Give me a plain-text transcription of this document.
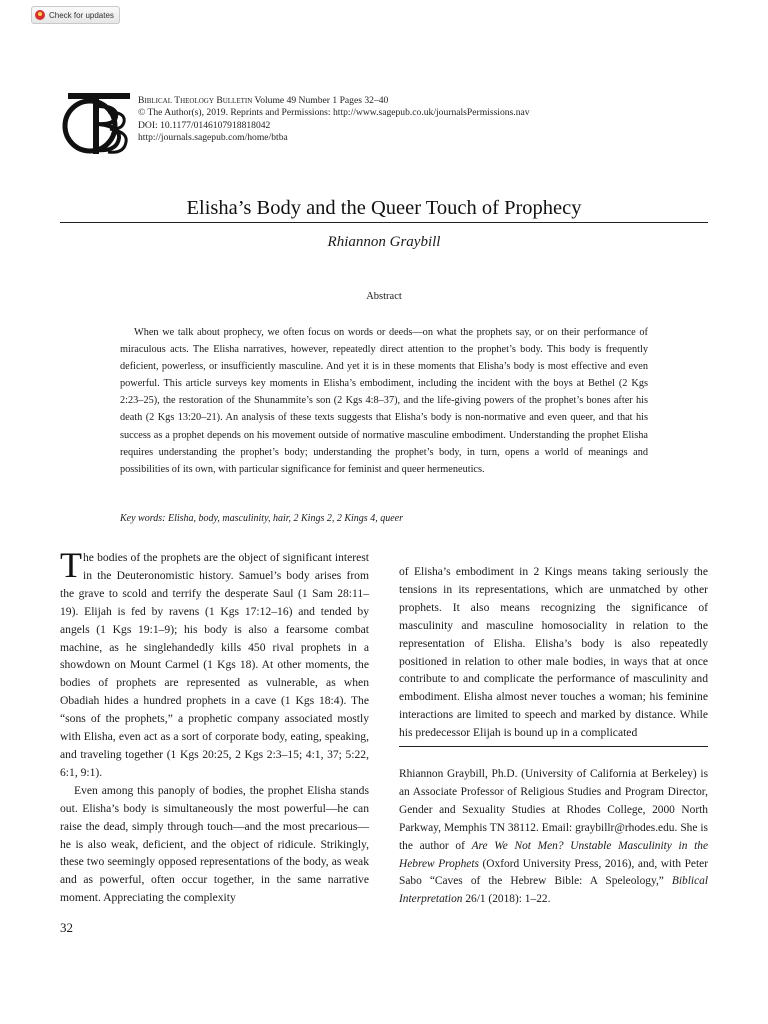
Check for updates
Biblical Theology Bulletin Volume 49 Number 1 Pages 32–40
© The Author(s), 2019. Reprints and Permissions: http://www.sagepub.co.uk/journalsPermissions.nav
DOI: 10.1177/0146107918818042
http://journals.sagepub.com/home/btba
Elisha’s Body and the Queer Touch of Prophecy
Rhiannon Graybill
Abstract

When we talk about prophecy, we often focus on words or deeds—on what the prophets say, or on their performance of miraculous acts. The Elisha narratives, however, repeatedly direct attention to the prophet’s body. This body is frequently deficient, powerless, or insufficiently masculine. And yet it is in these moments that Elisha’s body is most effective and even powerful. This article surveys key moments in Elisha’s embodiment, including the incident with the boys at Bethel (2 Kgs 2:23–25), the restoration of the Shunammite’s son (2 Kgs 4:8–37), and the life-giving powers of the prophet’s bones after his death (2 Kgs 13:20–21). An analysis of these texts suggests that Elisha’s body is non-normative and even queer, and that his success as a prophet depends on his movement outside of normative masculine embodiment. Understanding the prophet Elisha requires understanding the prophet’s body; understanding the prophet’s body, in turn, opens a world of meanings and possibilities of its own, with particular significance for feminist and queer hermeneutics.

Key words: Elisha, body, masculinity, hair, 2 Kings 2, 2 Kings 4, queer

The bodies of the prophets are the object of significant interest in the Deuteronomistic history. Samuel’s body arises from the grave to scold and terrify the desperate Saul (1 Sam 28:11–19). Elijah is fed by ravens (1 Kgs 17:12–16) and tended by angels (1 Kgs 19:1–9); his body is also a fearsome combat machine, as he singlehandedly kills 450 rival prophets in a showdown on Mount Carmel (1 Kgs 18). At other moments, the bodies of prophets are represented as vulnerable, as when Obadiah hides a hundred prophets in a cave (1 Kgs 18:4). The “sons of the prophets,” a prophetic company associated mostly with Elisha, even act as a sort of corporate body, eating, speaking, and traveling together (1 Kgs 20:25, 2 Kgs 2:3–15; 4:1, 37; 5:22, 6:1, 9:1).

Even among this panoply of bodies, the prophet Elisha stands out. Elisha’s body is simultaneously the most powerful—he can raise the dead, simply through touch—and the most precarious—he is also weak, deficient, and the object of ridicule. Strikingly, these two seemingly opposed representations of the body, as weak and as powerful, often occur together, in the same narrative moment. Appreciating the complexity

of Elisha’s embodiment in 2 Kings means taking seriously the tensions in its representations, which are unmatched by other prophets. It also means recognizing the significance of masculinity and masculine homosociality in relation to the representation of Elisha. Elisha’s body is also repeatedly positioned in relation to other male bodies, in ways that at once contribute to and complicate the performance of masculinity and embodiment. Elisha almost never touches a woman; his feminine interactions are limited to speech and marked by distance. While his predecessor Elijah is bound up in a complicated

Rhiannon Graybill, Ph.D. (University of California at Berkeley) is an Associate Professor of Religious Studies and Program Director, Gender and Sexuality Studies at Rhodes College, 2000 North Parkway, Memphis TN 38112. Email: graybillr@rhodes.edu. She is the author of Are We Not Men? Unstable Masculinity in the Hebrew Prophets (Oxford University Press, 2016), and, with Peter Sabo “Caves of the Hebrew Bible: A Speleology,” Biblical Interpretation 26/1 (2018): 1–22.
32
